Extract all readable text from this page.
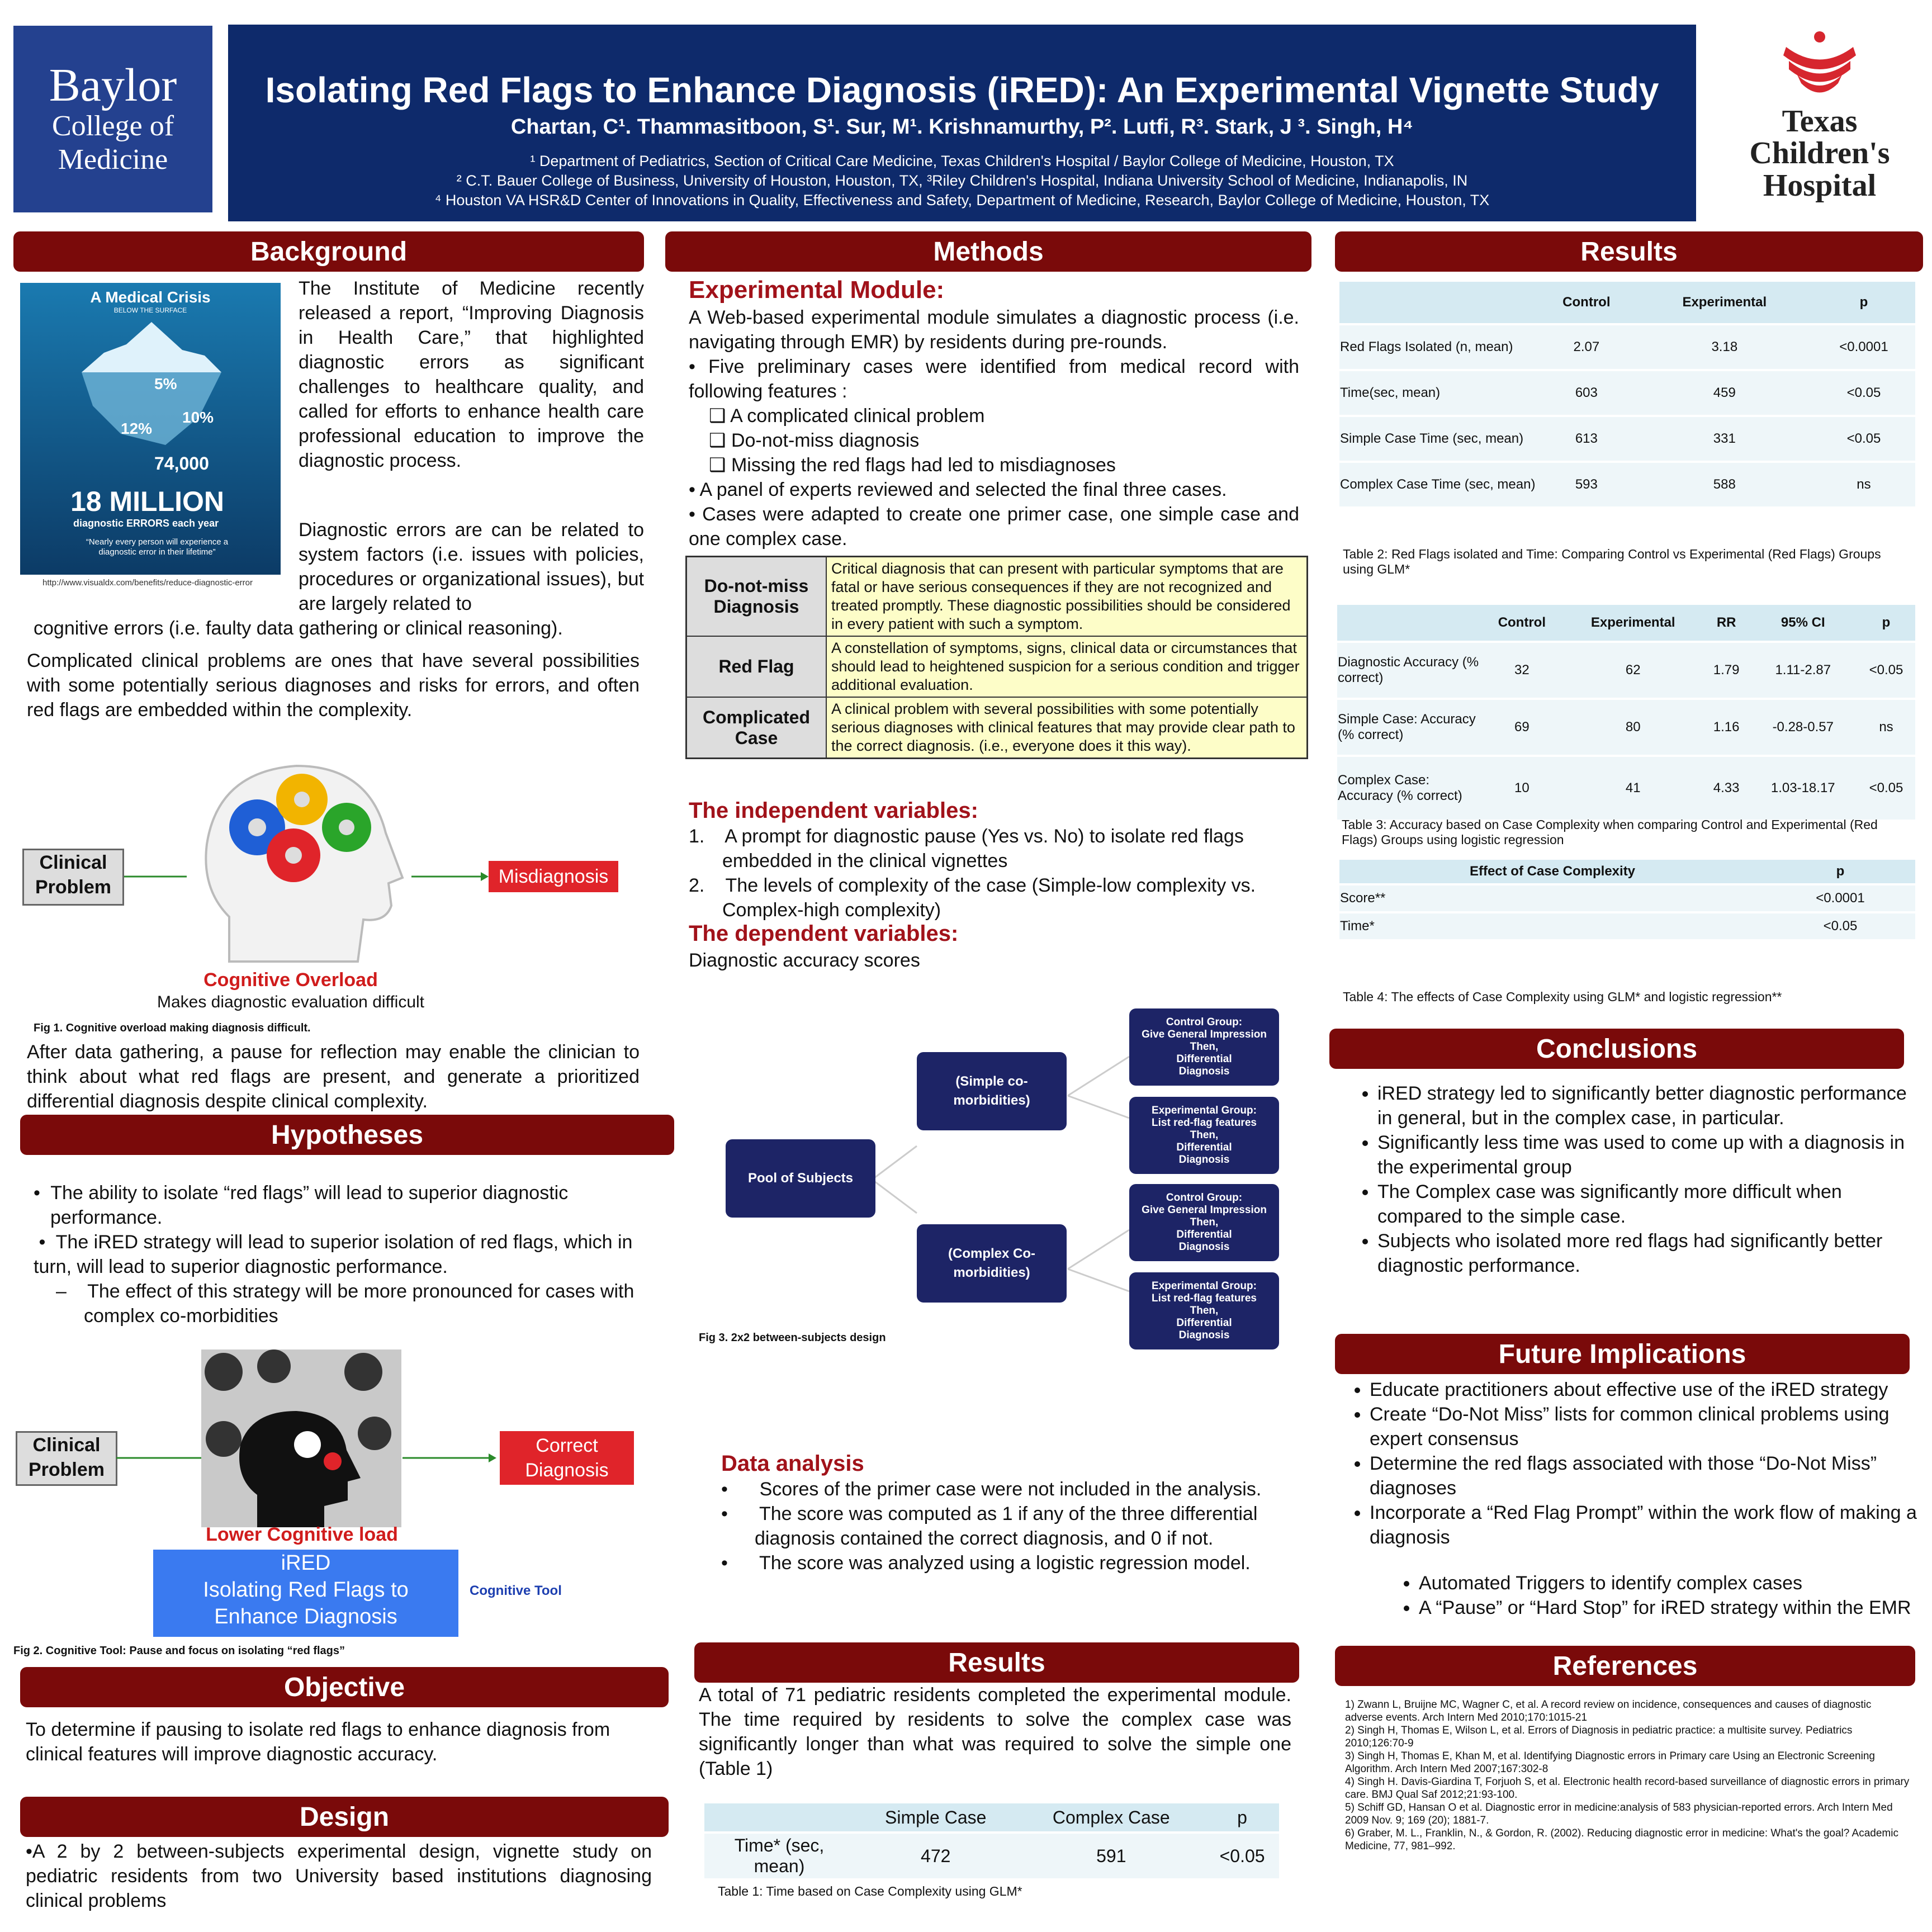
Baylor
College of
Medicine
Isolating Red Flags to Enhance Diagnosis (iRED): An Experimental Vignette Study
Chartan, C¹. Thammasitboon, S¹. Sur, M¹. Krishnamurthy, P². Lutfi, R³. Stark, J ³. Singh, H⁴
¹ Department of Pediatrics, Section of Critical Care Medicine, Texas Children's Hospital / Baylor College of Medicine, Houston, TX
² C.T. Bauer College of Business, University of Houston, Houston, TX, ³Riley Children's Hospital, Indiana University School of Medicine, Indianapolis, IN
⁴ Houston VA HSR&D Center of Innovations in Quality, Effectiveness and Safety, Department of Medicine, Research, Baylor College of Medicine, Houston, TX
Texas
Children's
Hospital
Background
A Medical Crisis
BELOW THE SURFACE
5%
10%
12%
74,000
18 MILLION
diagnostic ERRORS each year
“Nearly every person will experience a diagnostic error in their lifetime”
http://www.visualdx.com/benefits/reduce-diagnostic-error
The Institute of Medicine recently released a report, “Improving Diagnosis in Health Care,” that highlighted diagnostic errors as significant challenges to healthcare quality, and called for efforts to enhance health care professional education to improve the diagnostic process.
Diagnostic errors are can be related to system factors (i.e. issues with policies, procedures or organizational issues), but are largely related to
cognitive errors (i.e. faulty data gathering or clinical reasoning).
Complicated clinical problems are ones that have several possibilities with some potentially serious diagnoses and risks for errors, and often red flags are embedded within the complexity.
Clinical Problem	Misdiagnosis
Cognitive Overload
Makes diagnostic evaluation difficult
Fig 1. Cognitive overload making diagnosis difficult.
After data gathering, a pause for reflection may enable the clinician to think about what red flags are present, and generate a prioritized differential diagnosis despite clinical complexity.
Hypotheses
•  The ability to isolate “red flags” will lead to superior diagnostic performance.
•  The iRED strategy will lead to superior isolation of red flags, which in turn, will lead to superior diagnostic performance.
–    The effect of this strategy will be more pronounced for cases with complex co-morbidities
Clinical Problem
Correct Diagnosis
Lower Cognitive load
iRED
Isolating Red Flags to Enhance Diagnosis
Cognitive Tool
Fig 2. Cognitive Tool: Pause and focus on isolating “red flags”
Objective
To determine if pausing to isolate red flags to enhance diagnosis from clinical features will improve diagnostic accuracy.
Design
•A 2 by 2 between-subjects experimental design, vignette study on pediatric residents from two University based institutions diagnosing clinical problems
Methods
Experimental Module:
A Web-based experimental module simulates a diagnostic process (i.e. navigating through EMR) by residents during pre-rounds.
• Five preliminary cases were identified from medical record with following features :
❑ A complicated clinical problem
❑ Do-not-miss diagnosis
❑ Missing the red flags had led to misdiagnoses
• A panel of experts reviewed and selected the final three cases.
• Cases were adapted to create one primer case, one simple case and one complex case.
Do-not-miss Diagnosis	Critical diagnosis that can present with particular symptoms that are fatal or have serious consequences if they are not recognized and treated promptly. These diagnostic possibilities should be considered in every patient with such a symptom.
Red Flag	A constellation of symptoms, signs, clinical data or circumstances that should lead to heightened suspicion for a serious condition and trigger additional evaluation.
Complicated Case	A clinical problem with several possibilities with some potentially serious diagnoses with clinical features that may provide clear path to the correct diagnosis. (i.e., everyone does it this way).
The independent variables:
1.    A prompt for diagnostic pause (Yes vs. No) to isolate red flags embedded in the clinical vignettes
2.    The levels of complexity of the case (Simple-low complexity vs. Complex-high complexity)
The dependent variables:
Diagnostic accuracy scores
Pool of Subjects
(Simple co-morbidities)
(Complex Co-morbidities)
Control Group:
Give General Impression
Then, Differential Diagnosis
Experimental Group:
List red-flag features
Then, Differential Diagnosis
Control Group:
Give General Impression
Then, Differential Diagnosis
Experimental Group:
List red-flag features
Then, Differential Diagnosis
Fig 3. 2x2 between-subjects design
Data analysis
•      Scores of the primer case were not included in the analysis.
•      The score was computed as 1 if any of the three differential diagnosis contained the correct diagnosis, and 0 if not.
•      The score was analyzed using a logistic regression model.
Results
A total of 71 pediatric residents completed the experimental module. The time required by residents to solve the complex case was significantly longer than what was required to solve the simple one (Table 1)
	Simple Case	Complex Case	p
Time* (sec, mean)	472	591	<0.05
Table 1: Time based on Case Complexity using GLM*
Results
	Control	Experimental	p
Red Flags Isolated (n, mean)	2.07	3.18	<0.0001
Time(sec, mean)	603	459	<0.05
Simple Case Time (sec, mean)	613	331	<0.05
Complex Case Time (sec, mean)	593	588	ns
Table 2: Red Flags isolated and Time: Comparing Control vs Experimental (Red Flags) Groups using GLM*
	Control	Experimental	RR	95% CI	p
Diagnostic Accuracy (% correct)	32	62	1.79	1.11-2.87	<0.05
Simple Case: Accuracy (% correct)	69	80	1.16	-0.28-0.57	ns
Complex Case: Accuracy (% correct)	10	41	4.33	1.03-18.17	<0.05
Table 3: Accuracy based on Case Complexity when comparing Control and Experimental (Red Flags) Groups using logistic regression
Effect of Case Complexity	p
Score**	<0.0001
Time*	<0.05
Table 4: The effects of Case Complexity using GLM* and logistic regression**
Conclusions
• iRED strategy led to significantly better diagnostic performance in general, but in the complex case, in particular.
• Significantly less time was used to come up with a diagnosis in the experimental group
• The Complex case was significantly more difficult when compared to the simple case.
• Subjects who isolated more red flags had significantly better diagnostic performance.
Future Implications
• Educate practitioners about effective use of the iRED strategy
• Create “Do-Not Miss” lists for common clinical problems using expert consensus
• Determine the red flags associated with those “Do-Not Miss” diagnoses
• Incorporate a “Red Flag Prompt” within the work flow of making a diagnosis
• Automated Triggers to identify complex cases
• A “Pause” or “Hard Stop” for iRED strategy within the EMR
References
1) Zwann L, Bruijne MC, Wagner C, et al. A record review on incidence, consequences and causes of diagnostic adverse events. Arch Intern Med 2010;170:1015-21
2) Singh H, Thomas E, Wilson L, et al. Errors of Diagnosis in pediatric practice: a multisite survey. Pediatrics 2010;126:70-9
3) Singh H, Thomas E, Khan M, et al. Identifying Diagnostic errors in Primary care Using an Electronic Screening Algorithm. Arch Intern Med 2007;167:302-8
4) Singh H. Davis-Giardina T, Forjuoh S, et al. Electronic health record-based surveillance of diagnostic errors in primary care. BMJ Qual Saf 2012;21:93-100.
5) Schiff GD, Hansan O et al. Diagnostic error in medicine:analysis of 583 physician-reported errors. Arch Intern Med 2009 Nov. 9; 169 (20); 1881-7.
6) Graber, M. L., Franklin, N., & Gordon, R. (2002). Reducing diagnostic error in medicine: What's the goal? Academic Medicine, 77, 981–992.
